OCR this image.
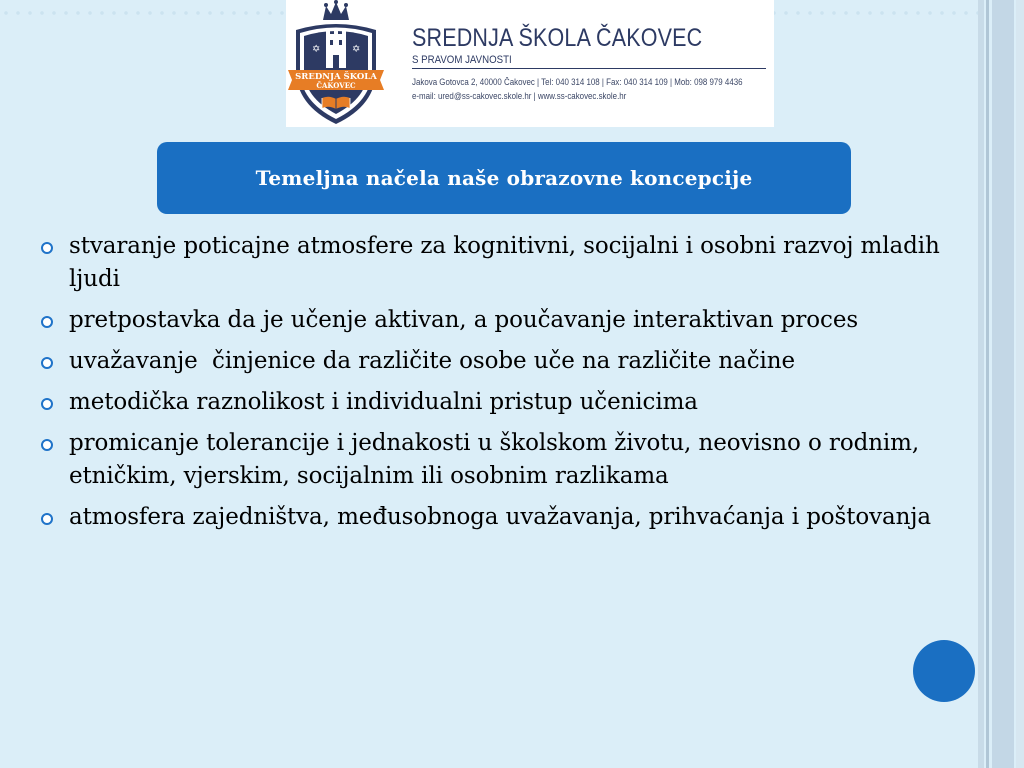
✡	✡
SREDNJA ŠKOLA
ČAKOVEC
SREDNJA ŠKOLA ČAKOVEC
S PRAVOM JAVNOSTI
Jakova Gotovca 2, 40000 Čakovec | Tel: 040 314 108 | Fax: 040 314 109 | Mob: 098 979 4436
e-mail: ured@ss-cakovec.skole.hr | www.ss-cakovec.skole.hr
Temeljna načela naše obrazovne koncepcije
stvaranje poticajne atmosfere za kognitivni, socijalni i osobni razvoj mladih ljudi
pretpostavka da je učenje aktivan, a poučavanje interaktivan proces
uvažavanje  činjenice da različite osobe uče na različite načine
metodička raznolikost i individualni pristup učenicima
promicanje tolerancije i jednakosti u školskom životu, neovisno o rodnim, etničkim, vjerskim, socijalnim ili osobnim razlikama
atmosfera zajedništva, međusobnoga uvažavanja, prihvaćanja i poštovanja
